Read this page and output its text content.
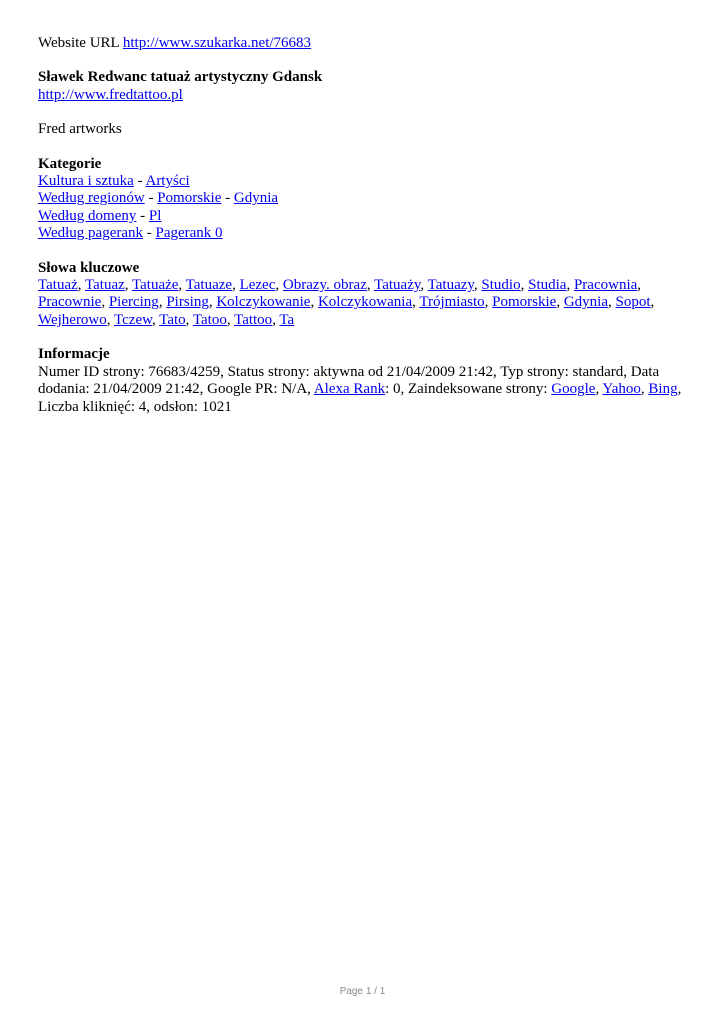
Website URL http://www.szukarka.net/76683
Sławek Redwanc tatuaż artystyczny Gdansk
http://www.fredtattoo.pl
Fred artworks
Kategorie
Kultura i sztuka - Artyści
Według regionów - Pomorskie - Gdynia
Według domeny - Pl
Według pagerank - Pagerank 0
Słowa kluczowe
Tatuaż, Tatuaz, Tatuaże, Tatuaze, Lezec, Obrazy. obraz, Tatuaży, Tatuazy, Studio, Studia, Pracownia, Pracownie, Piercing, Pirsing, Kolczykowanie, Kolczykowania, Trójmiasto, Pomorskie, Gdynia, Sopot, Wejherowo, Tczew, Tato, Tatoo, Tattoo, Ta
Informacje
Numer ID strony: 76683/4259, Status strony: aktywna od 21/04/2009 21:42, Typ strony: standard, Data dodania: 21/04/2009 21:42, Google PR: N/A, Alexa Rank: 0, Zaindeksowane strony: Google, Yahoo, Bing, Liczba kliknięć: 4, odsłon: 1021
Page 1 / 1
